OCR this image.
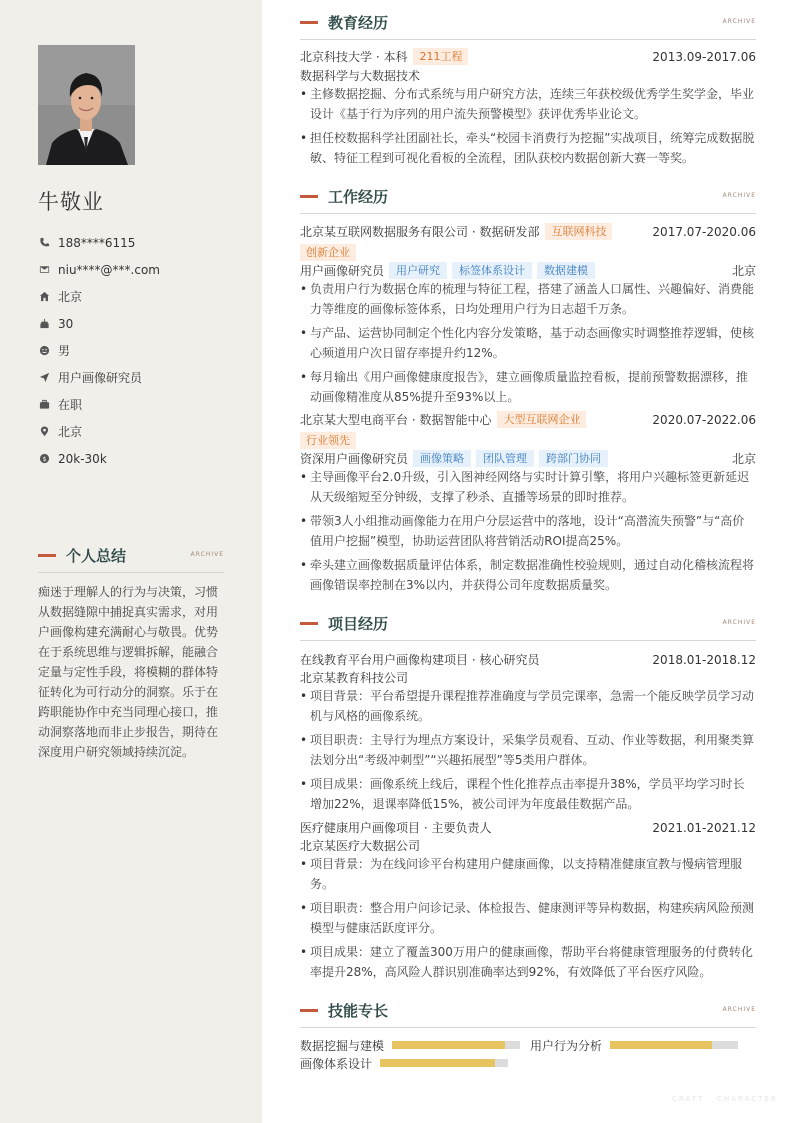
牛敬业
188****6115
niu****@***.com
北京
30
男
用户画像研究员
在职
北京
$ 20k-30k
个人总结	ARCHIVE
痴迷于理解人的行为与决策，习惯从数据缝隙中捕捉真实需求，对用户画像构建充满耐心与敬畏。优势在于系统思维与逻辑拆解，能融合定量与定性手段，将模糊的群体特征转化为可行动分的洞察。乐于在跨职能协作中充当同理心接口，推动洞察落地而非止步报告，期待在深度用户研究领域持续沉淀。
教育经历	ARCHIVE
北京科技大学 · 本科	211工程	2013.09-2017.06
数据科学与大数据技术
• 主修数据挖掘、分布式系统与用户研究方法，连续三年获校级优秀学生奖学金，毕业设计《基于行为序列的用户流失预警模型》获评优秀毕业论文。
• 担任校数据科学社团副社长，牵头“校园卡消费行为挖掘”实战项目，统筹完成数据脱敏、特征工程到可视化看板的全流程，团队获校内数据创新大赛一等奖。
工作经历	ARCHIVE
北京某互联网数据服务有限公司 · 数据研发部	互联网科技	2017.07-2020.06
创新企业
用户画像研究员	用户研究	标签体系设计	数据建模	北京
• 负责用户行为数据仓库的梳理与特征工程，搭建了涵盖人口属性、兴趣偏好、消费能力等维度的画像标签体系，日均处理用户行为日志超千万条。
• 与产品、运营协同制定个性化内容分发策略，基于动态画像实时调整推荐逻辑，使核心频道用户次日留存率提升约12%。
• 每月输出《用户画像健康度报告》，建立画像质量监控看板，提前预警数据漂移，推动画像精准度从85%提升至93%以上。
北京某大型电商平台 · 数据智能中心	大型互联网企业	2020.07-2022.06
行业领先
资深用户画像研究员	画像策略	团队管理	跨部门协同	北京
• 主导画像平台2.0升级，引入图神经网络与实时计算引擎，将用户兴趣标签更新延迟从天级缩短至分钟级，支撑了秒杀、直播等场景的即时推荐。
• 带领3人小组推动画像能力在用户分层运营中的落地，设计“高潜流失预警”与“高价值用户挖掘”模型，协助运营团队将营销活动ROI提高25%。
• 牵头建立画像数据质量评估体系，制定数据准确性校验规则，通过自动化稽核流程将画像错误率控制在3%以内，并获得公司年度数据质量奖。
项目经历	ARCHIVE
在线教育平台用户画像构建项目 · 核心研究员	2018.01-2018.12
北京某教育科技公司
• 项目背景：平台希望提升课程推荐准确度与学员完课率，急需一个能反映学员学习动机与风格的画像系统。
• 项目职责：主导行为埋点方案设计，采集学员观看、互动、作业等数据，利用聚类算法划分出“考级冲刺型”“兴趣拓展型”等5类用户群体。
• 项目成果：画像系统上线后，课程个性化推荐点击率提升38%，学员平均学习时长增加22%，退课率降低15%，被公司评为年度最佳数据产品。
医疗健康用户画像项目 · 主要负责人	2021.01-2021.12
北京某医疗大数据公司
• 项目背景：为在线问诊平台构建用户健康画像，以支持精准健康宣教与慢病管理服务。
• 项目职责：整合用户问诊记录、体检报告、健康测评等异构数据，构建疾病风险预测模型与健康活跃度评分。
• 项目成果：建立了覆盖300万用户的健康画像，帮助平台将健康管理服务的付费转化率提升28%，高风险人群识别准确率达到92%，有效降低了平台医疗风险。
技能专长	ARCHIVE
数据挖掘与建模	用户行为分析
画像体系设计
CRAFT · CHARACTER
